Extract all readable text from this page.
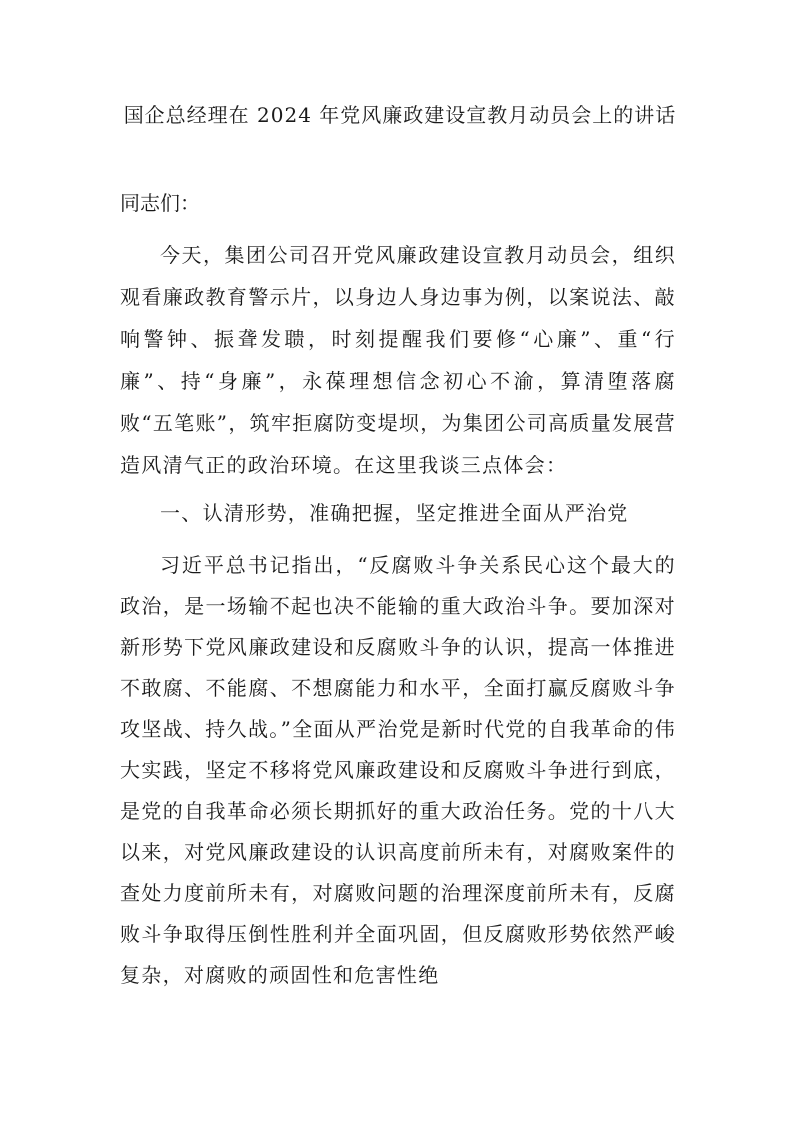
国企总经理在 2024 年党风廉政建设宣教月动员会上的讲话
同志们：
今天，集团公司召开党风廉政建设宣教月动员会，组织观看廉政教育警示片，以身边人身边事为例，以案说法、敲响警钟、振聋发聩，时刻提醒我们要修“心廉”、重“行廉”、持“身廉”，永葆理想信念初心不渝，算清堕落腐败“五笔账”，筑牢拒腐防变堤坝，为集团公司高质量发展营造风清气正的政治环境。在这里我谈三点体会：
一、认清形势，准确把握，坚定推进全面从严治党
习近平总书记指出，“反腐败斗争关系民心这个最大的政治，是一场输不起也决不能输的重大政治斗争。要加深对新形势下党风廉政建设和反腐败斗争的认识，提高一体推进不敢腐、不能腐、不想腐能力和水平，全面打赢反腐败斗争攻坚战、持久战。”全面从严治党是新时代党的自我革命的伟大实践，坚定不移将党风廉政建设和反腐败斗争进行到底，是党的自我革命必须长期抓好的重大政治任务。党的十八大以来，对党风廉政建设的认识高度前所未有，对腐败案件的查处力度前所未有，对腐败问题的治理深度前所未有，反腐败斗争取得压倒性胜利并全面巩固，但反腐败形势依然严峻复杂，对腐败的顽固性和危害性绝
